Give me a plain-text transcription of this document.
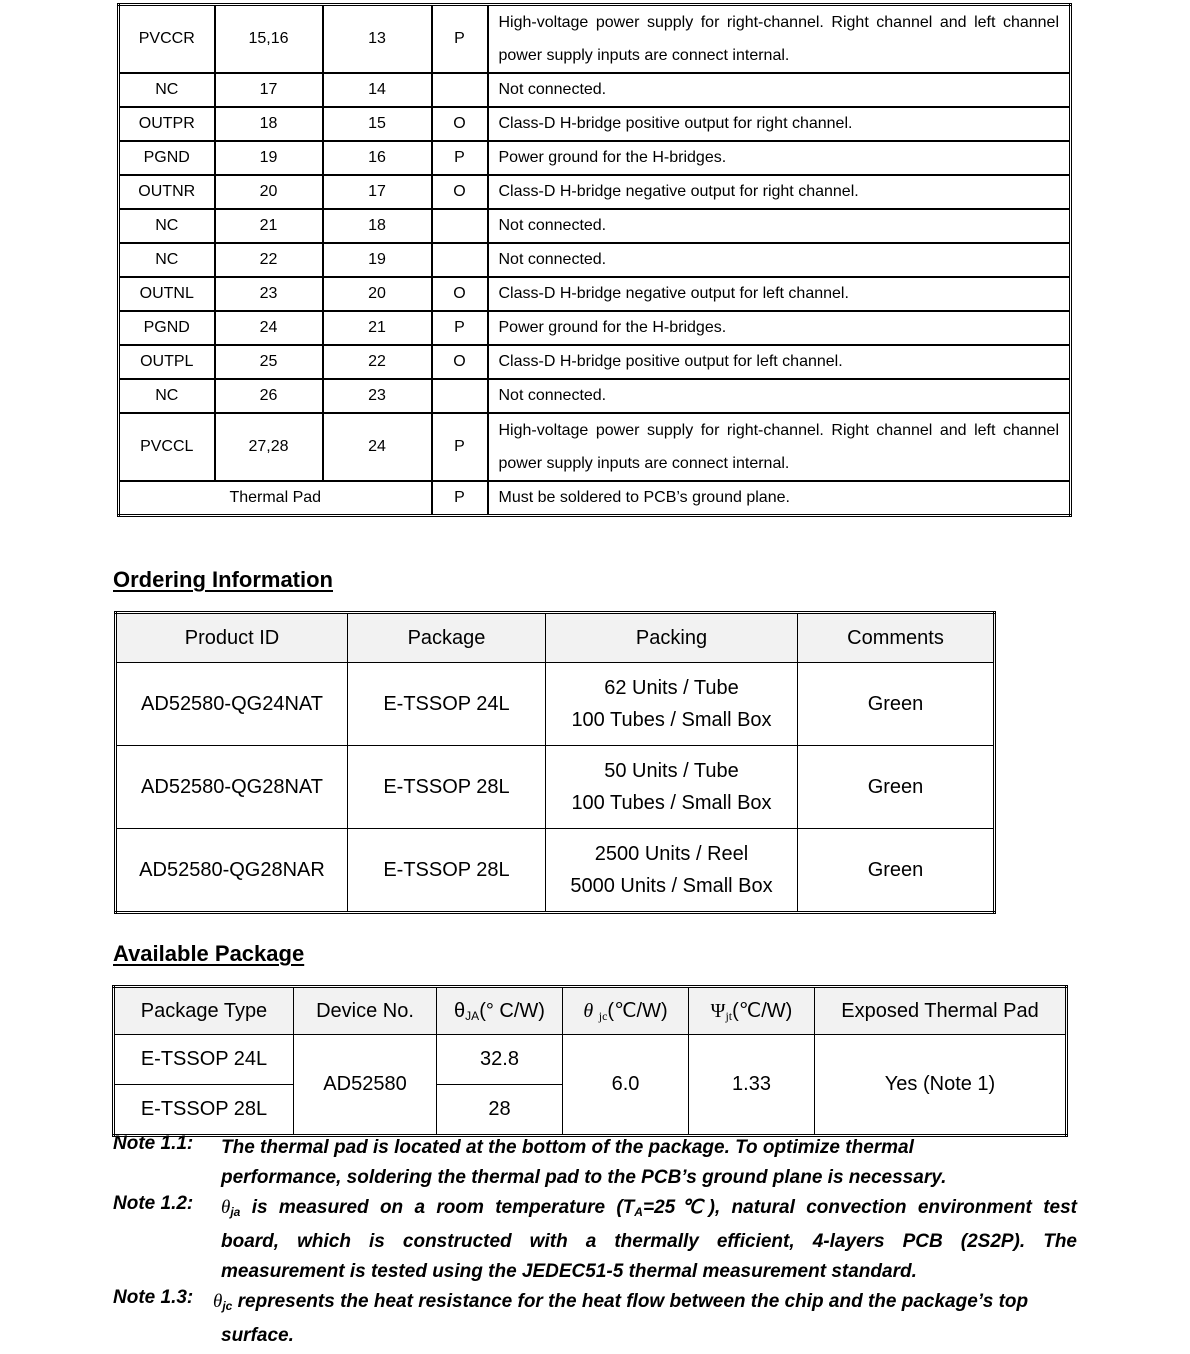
PVCCR	15,16	13	P	High-voltage power supply for right-channel. Right channel and left channel
power supply inputs are connect internal.

NC	17	14		Not connected.
OUTPR	18	15	O	Class-D H-bridge positive output for right channel.
PGND	19	16	P	Power ground for the H-bridges.
OUTNR	20	17	O	Class-D H-bridge negative output for right channel.
NC	21	18		Not connected.
NC	22	19		Not connected.
OUTNL	23	20	O	Class-D H-bridge negative output for left channel.
PGND	24	21	P	Power ground for the H-bridges.
OUTPL	25	22	O	Class-D H-bridge positive output for left channel.
NC	26	23		Not connected.
PVCCL	27,28	24	P	High-voltage power supply for right-channel. Right channel and left channel
power supply inputs are connect internal.

Thermal Pad			P	Must be soldered to PCB’s ground plane.
Ordering Information
Product ID	Package	Packing	Comments
AD52580-QG24NAT	E-TSSOP 24L	62 Units / Tube
100 Tubes / Small Box	Green
AD52580-QG28NAT	E-TSSOP 28L	50 Units / Tube
100 Tubes / Small Box	Green
AD52580-QG28NAR	E-TSSOP 28L	2500 Units / Reel
5000 Units / Small Box	Green
Available Package
Package Type	Device No.	$\theta_{JA}(^\circ$ C/W)	θ $_{jc}$(℃/W)	$\Psi_{jt}(℃/W)$	Exposed Thermal Pad
E-TSSOP 24L	AD52580	32.8	6.0	1.33	Yes (Note 1)
E-TSSOP 28L		28			
Note 1.1: The thermal pad is located at the bottom of the package. To optimize thermal
performance, soldering the thermal pad to the PCB’s ground plane is necessary.
Note 1.2: $\theta_{ja}$ is measured on a room temperature $(T_A=25℃)$, natural convection environment test
board, which is constructed with a thermally efficient, 4-layers PCB (2S2P). The
measurement is tested using the JEDEC51-5 thermal measurement standard.
Note 1.3: $\theta_{jc}$ represents the heat resistance for the heat flow between the chip and the package’s top
surface.
